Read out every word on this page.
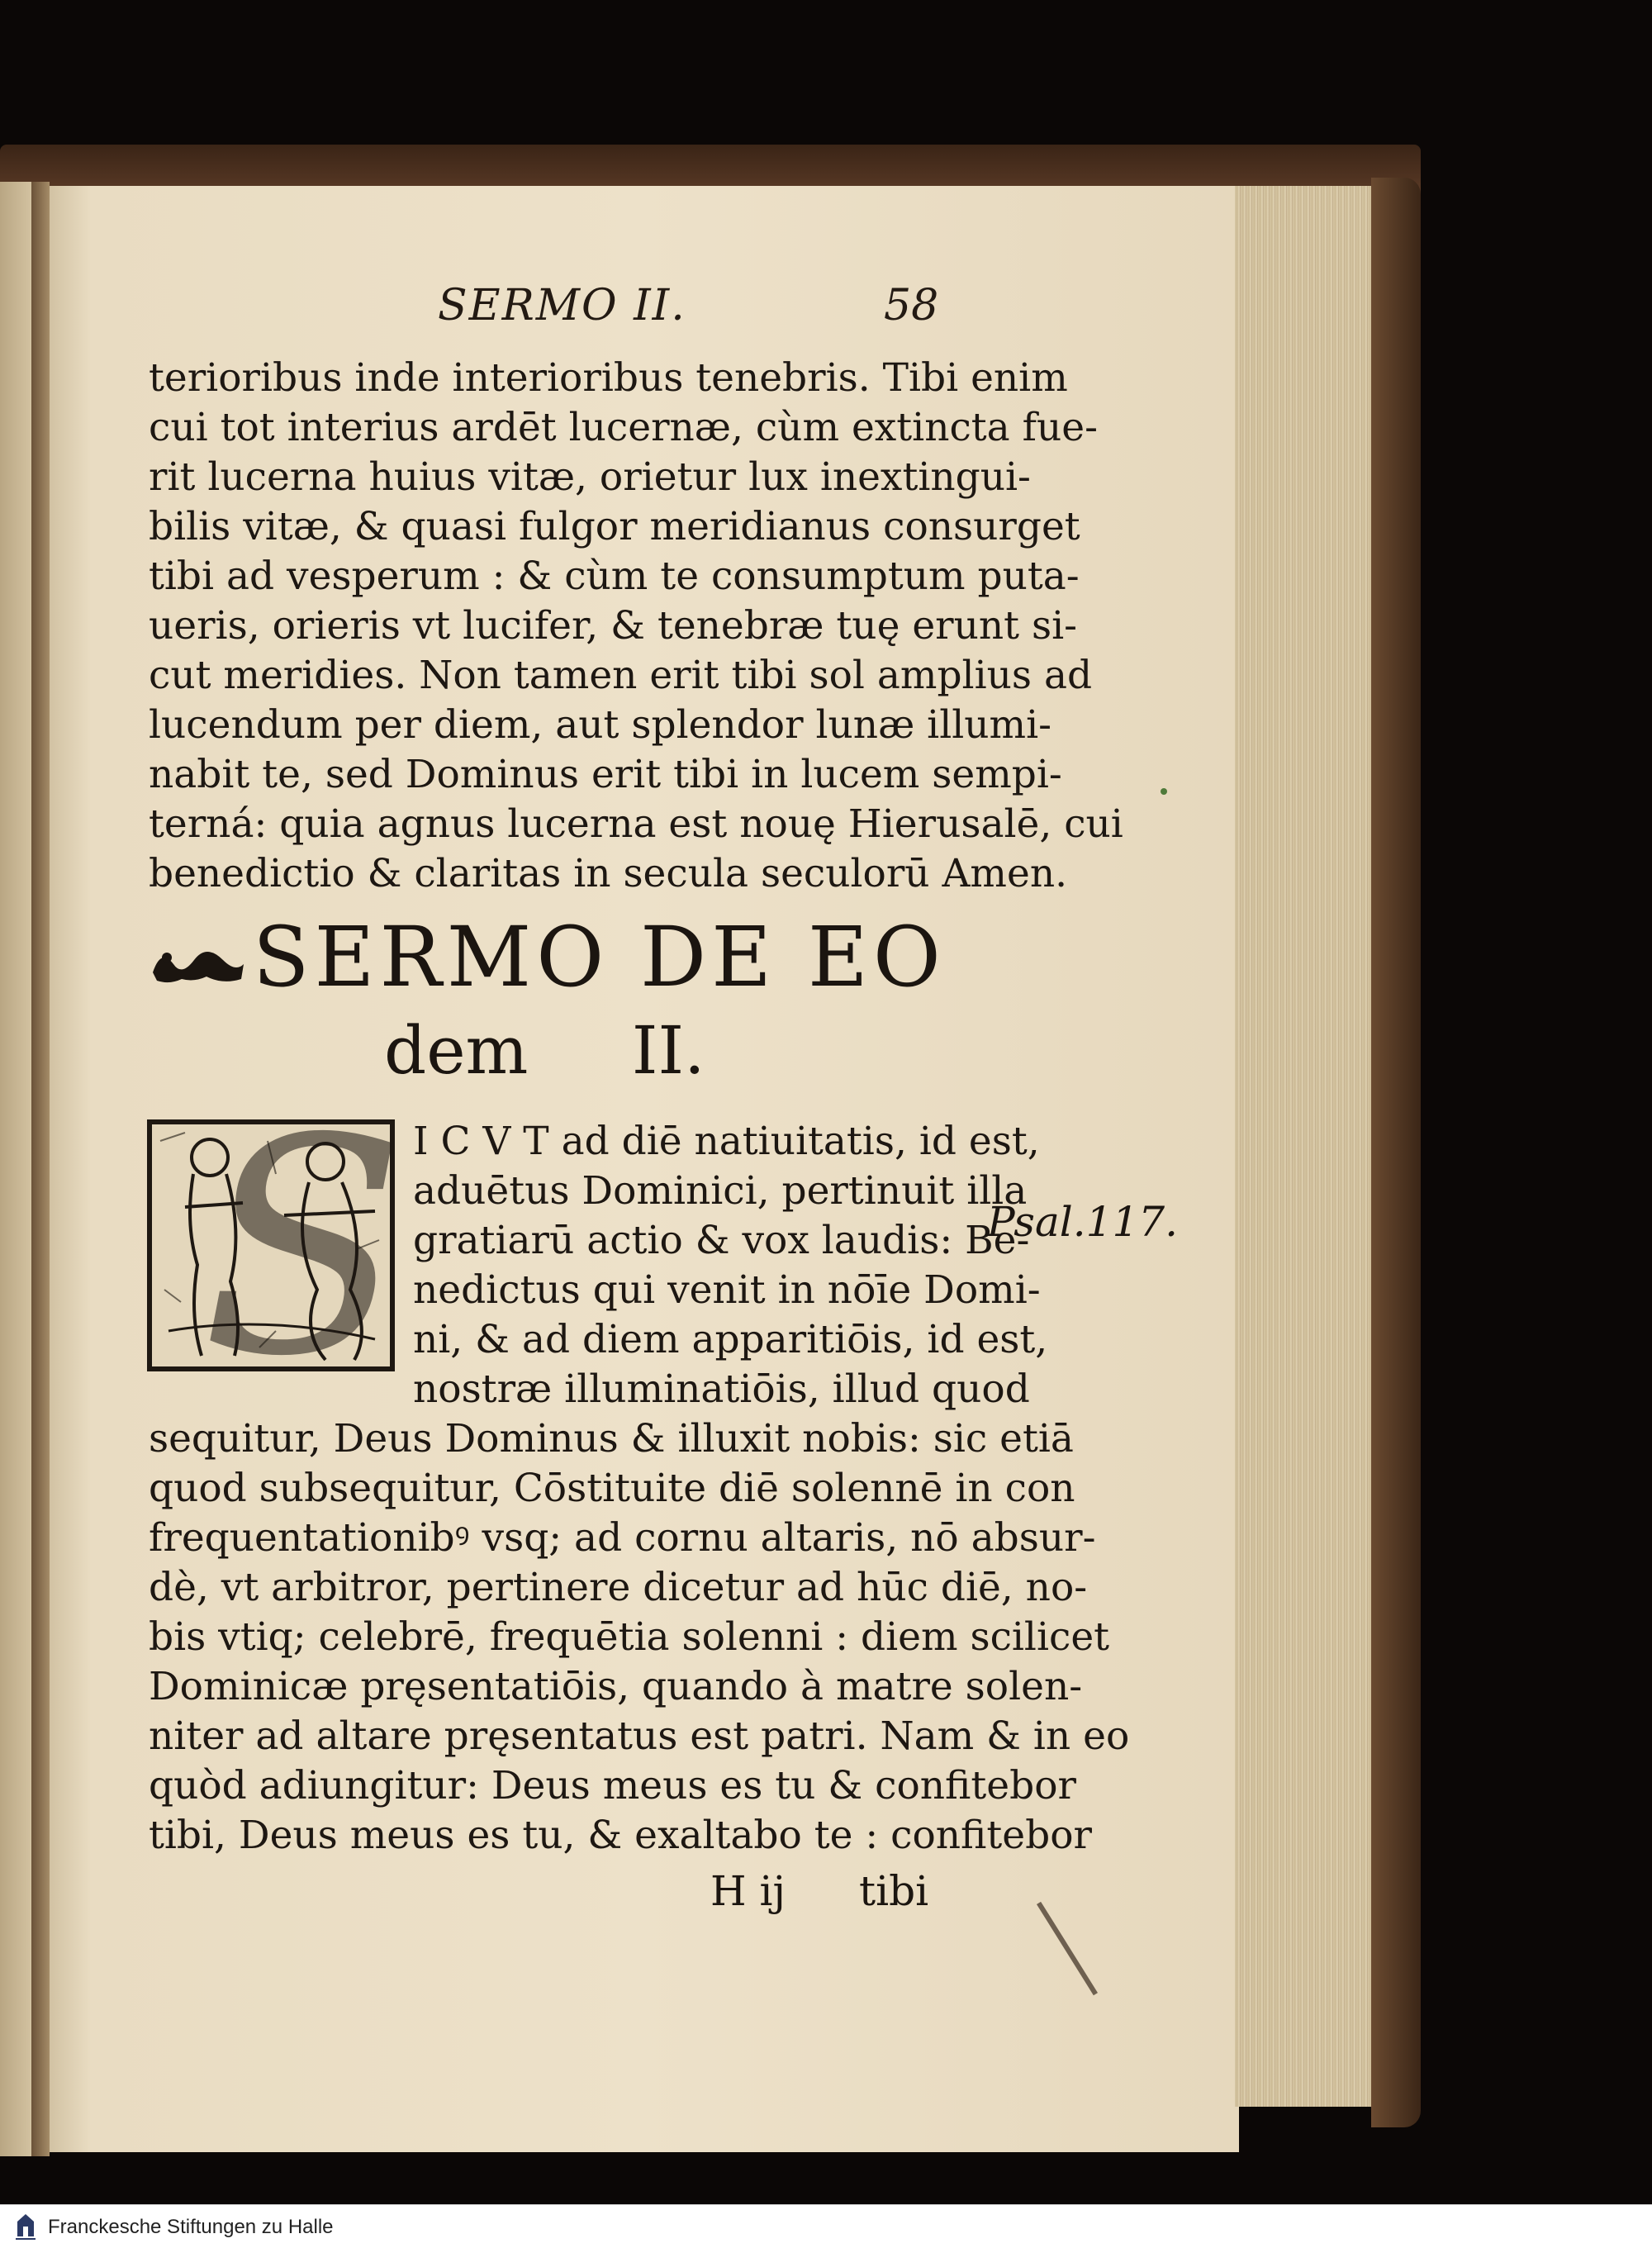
SERMO II.	58
terioribus inde interioribus tenebris. Tibi enim
cui tot interius ardēt lucernæ, cùm extincta fue-
rit lucerna huius vitæ, orietur lux inextingui-
bilis vitæ, & quasi fulgor meridianus consurget
tibi ad vesperum : & cùm te consumptum puta-
ueris, orieris vt lucifer, & tenebræ tuę erunt si-
cut meridies. Non tamen erit tibi sol amplius ad
lucendum per diem, aut splendor lunæ illumi-
nabit te, sed Dominus erit tibi in lucem sempi-
terná: quia agnus lucerna est nouę Hierusalē, cui
benedictio & claritas in secula seculorū Amen.
SERMO DE EO
dem II.
S I C V T ad diē natiuitatis, id est,
aduētus Dominici, pertinuit illa
gratiarū actio & vox laudis: Be-
nedictus qui venit in nōīe Domi-
ni, & ad diem apparitiōis, id est,
nostræ illuminatiōis, illud quod
Psal.117.
sequitur, Deus Dominus & illuxit nobis: sic etiā
quod subsequitur, Cōstituite diē solennē in con
frequentationibꝰ vsq; ad cornu altaris, nō absur-
dè, vt arbitror, pertinere dicetur ad hūc diē, no-
bis vtiq; celebrē, frequētia solenni : diem scilicet
Dominicæ pręsentatiōis, quando à matre solen-
niter ad altare pręsentatus est patri. Nam & in eo
quòd adiungitur: Deus meus es tu & confitebor
tibi, Deus meus es tu, & exaltabo te : confitebor
H ij tibi
Franckesche Stiftungen zu Halle
